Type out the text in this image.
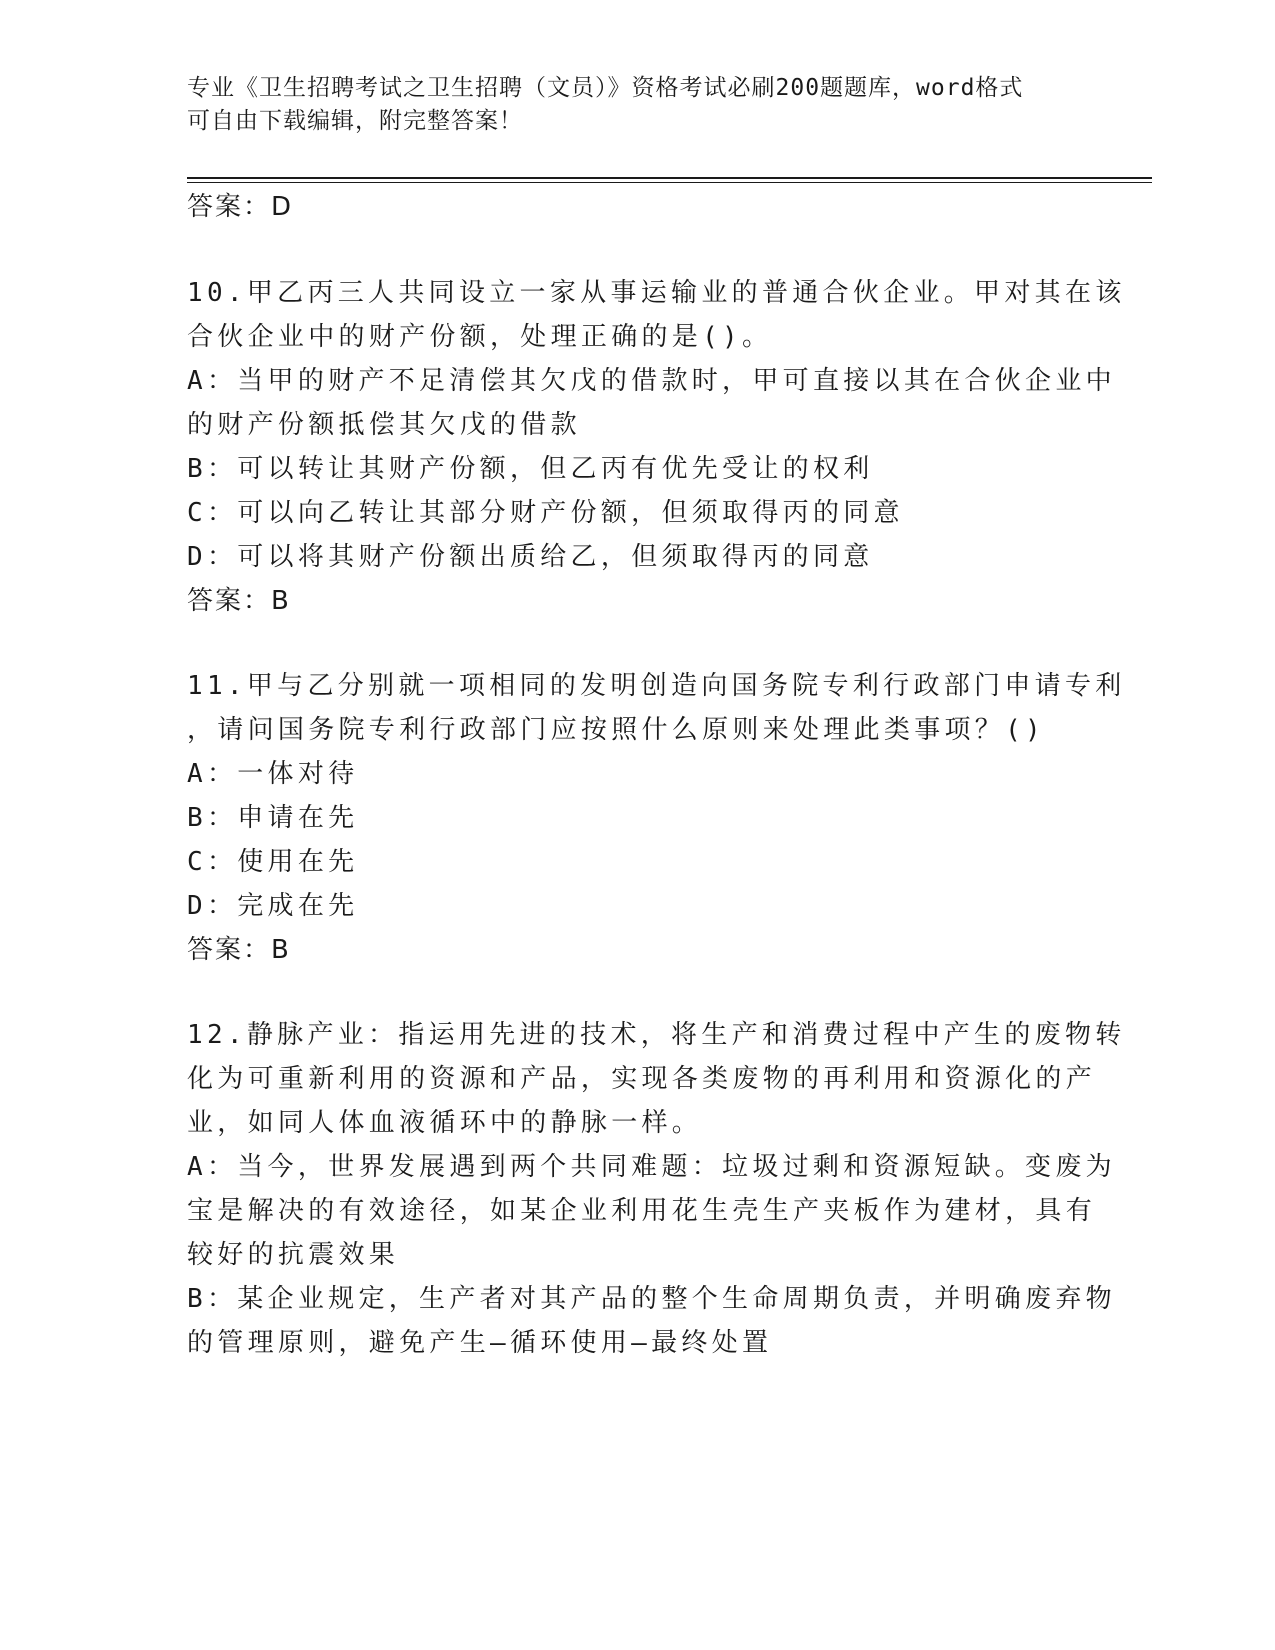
专业《卫生招聘考试之卫生招聘（文员）》资格考试必刷200题题库，word格式
可自由下载编辑，附完整答案！
答案：D
10.甲乙丙三人共同设立一家从事运输业的普通合伙企业。甲对其在该
合伙企业中的财产份额，处理正确的是()。
A：当甲的财产不足清偿其欠戊的借款时，甲可直接以其在合伙企业中
的财产份额抵偿其欠戊的借款
B：可以转让其财产份额，但乙丙有优先受让的权利
C：可以向乙转让其部分财产份额，但须取得丙的同意
D：可以将其财产份额出质给乙，但须取得丙的同意
答案：B
11.甲与乙分别就一项相同的发明创造向国务院专利行政部门申请专利
，请问国务院专利行政部门应按照什么原则来处理此类事项？()
A：一体对待
B：申请在先
C：使用在先
D：完成在先
答案：B
12.静脉产业：指运用先进的技术，将生产和消费过程中产生的废物转
化为可重新利用的资源和产品，实现各类废物的再利用和资源化的产
业，如同人体血液循环中的静脉一样。
A：当今，世界发展遇到两个共同难题：垃圾过剩和资源短缺。变废为
宝是解决的有效途径，如某企业利用花生壳生产夹板作为建材，具有
较好的抗震效果
B：某企业规定，生产者对其产品的整个生命周期负责，并明确废弃物
的管理原则，避免产生—循环使用—最终处置
